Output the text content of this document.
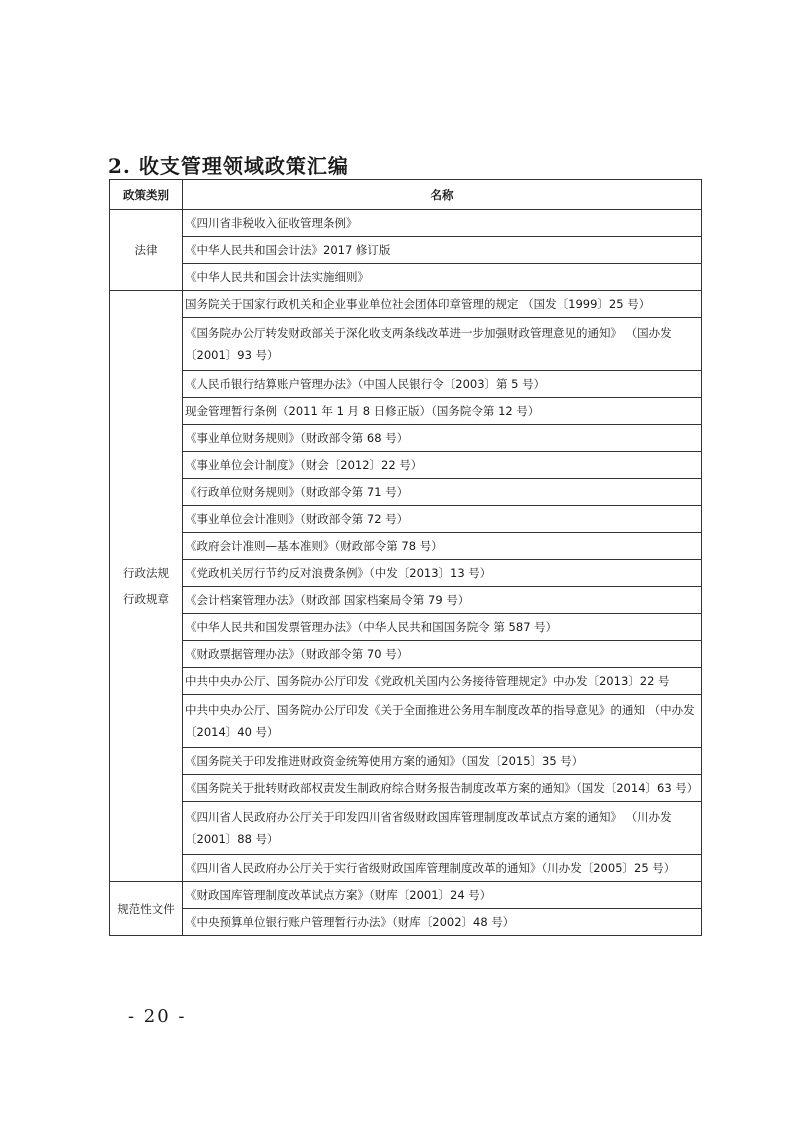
2. 收支管理领域政策汇编
政策类别	名称

法律	《四川省非税收入征收管理条例》
	《中华人民共和国会计法》2017 修订版
	《中华人民共和国会计法实施细则》

行政法规
行政规章	国务院关于国家行政机关和企业事业单位社会团体印章管理的规定 （国发〔1999〕25 号）
	《国务院办公厅转发财政部关于深化收支两条线改革进一步加强财政管理意见的通知》 （国办发〔2001〕93 号）
	《人民币银行结算账户管理办法》（中国人民银行令〔2003〕第 5 号）
	现金管理暂行条例（2011 年 1 月 8 日修正版）（国务院令第 12 号）
	《事业单位财务规则》（财政部令第 68 号）
	《事业单位会计制度》（财会〔2012〕22 号）
	《行政单位财务规则》（财政部令第 71 号）
	《事业单位会计准则》（财政部令第 72 号）
	《政府会计准则—基本准则》（财政部令第 78 号）
	《党政机关厉行节约反对浪费条例》（中发〔2013〕13 号）
	《会计档案管理办法》（财政部 国家档案局令第 79 号）
	《中华人民共和国发票管理办法》（中华人民共和国国务院令 第 587 号）
	《财政票据管理办法》（财政部令第 70 号）
	中共中央办公厅、国务院办公厅印发《党政机关国内公务接待管理规定》中办发〔2013〕22 号
	中共中央办公厅、国务院办公厅印发《关于全面推进公务用车制度改革的指导意见》的通知 （中办发〔2014〕40 号）
	《国务院关于印发推进财政资金统筹使用方案的通知》（国发〔2015〕35 号）
	《国务院关于批转财政部权责发生制政府综合财务报告制度改革方案的通知》（国发〔2014〕63 号）
	《四川省人民政府办公厅关于印发四川省省级财政国库管理制度改革试点方案的通知》 （川办发〔2001〕88 号）
	《四川省人民政府办公厅关于实行省级财政国库管理制度改革的通知》（川办发〔2005〕25 号）

规范性文件	《财政国库管理制度改革试点方案》（财库〔2001〕24 号）
	《中央预算单位银行账户管理暂行办法》（财库〔2002〕48 号）
- 20 -
